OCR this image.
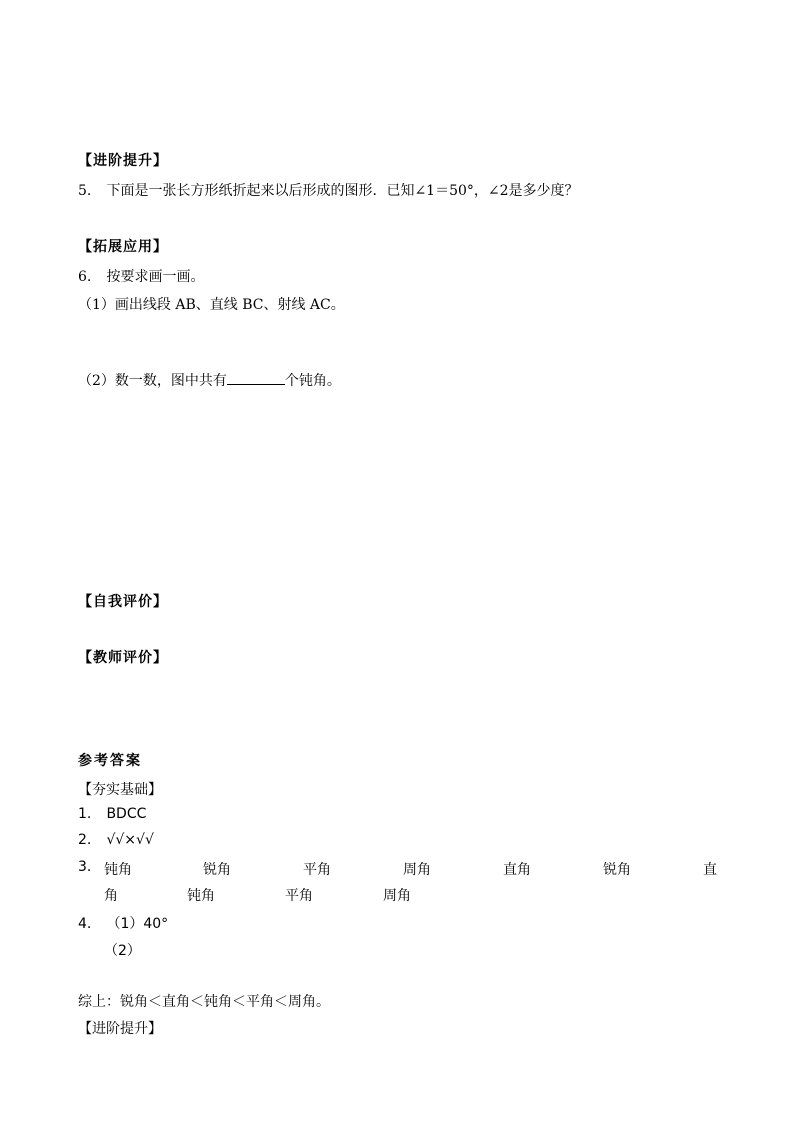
【进阶提升】
5. 下面是一张长方形纸折起来以后形成的图形．已知∠1＝50°，∠2是多少度？
【拓展应用】
6. 按要求画一画。
（1）画出线段 AB、直线 BC、射线 AC。
（2）数一数，图中共有	个钝角。
【自我评价】
【教师评价】
参考答案
【夯实基础】
1. BDCC
2. √√×√√
3. 钝角	锐角	平角	周角	直角	锐角	直
角	钝角	平角	周角
4. （1）40°
（2）
综上：锐角＜直角＜钝角＜平角＜周角。
【进阶提升】
